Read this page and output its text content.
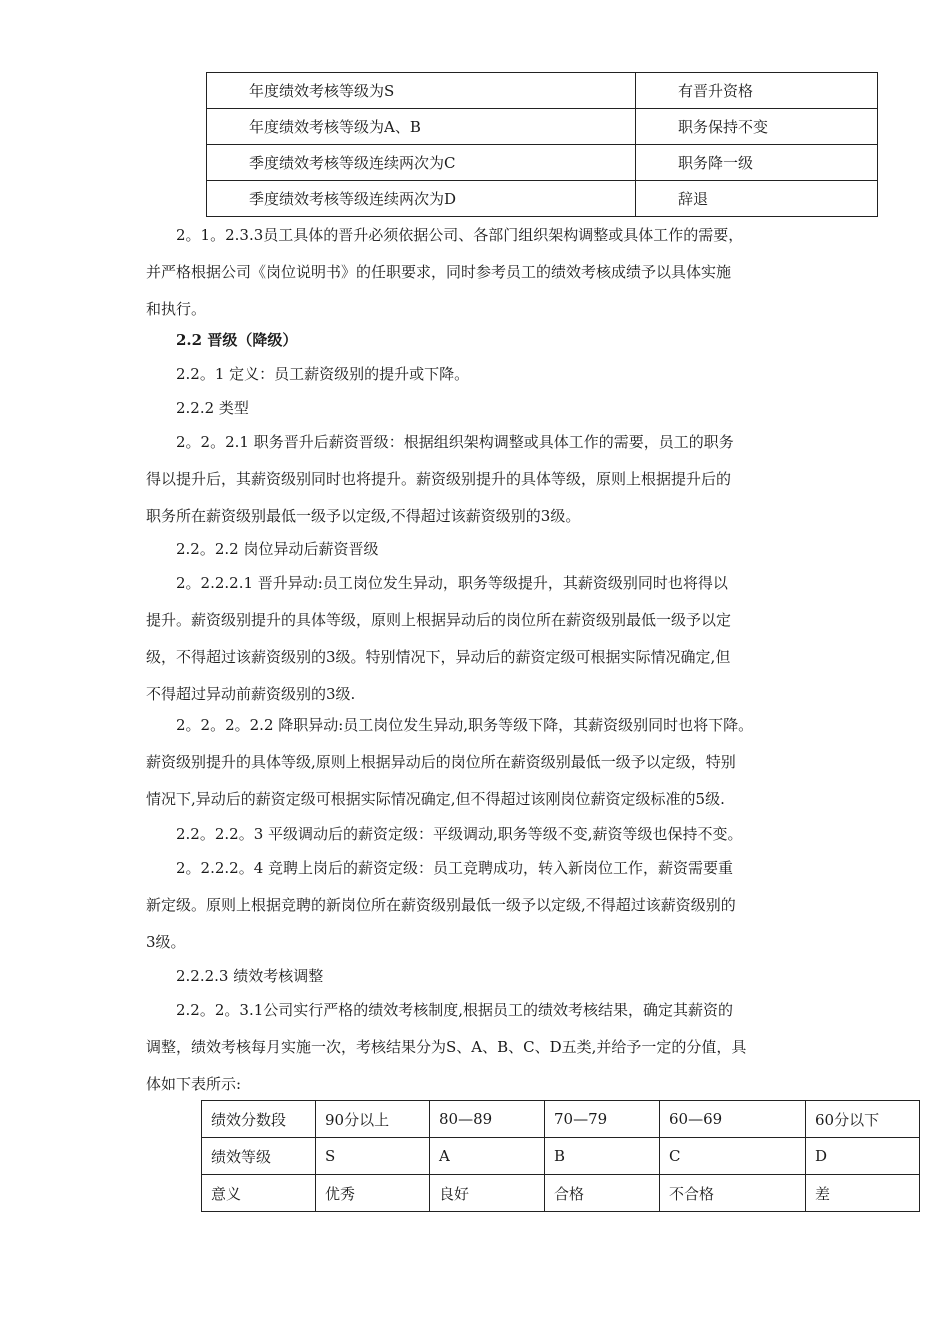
年度绩效考核等级为S	有晋升资格
年度绩效考核等级为A、B	职务保持不变
季度绩效考核等级连续两次为C	职务降一级
季度绩效考核等级连续两次为D	辞退
2。1。2.3.3员工具体的晋升必须依据公司、各部门组织架构调整或具体工作的需要，
并严格根据公司《岗位说明书》的任职要求，同时参考员工的绩效考核成绩予以具体实施
和执行。
2.2 晋级（降级）
2.2。1 定义：员工薪资级别的提升或下降。
2.2.2 类型
2。2。2.1 职务晋升后薪资晋级：根据组织架构调整或具体工作的需要，员工的职务
得以提升后，其薪资级别同时也将提升。薪资级别提升的具体等级，原则上根据提升后的
职务所在薪资级别最低一级予以定级,不得超过该薪资级别的3级。
2.2。2.2 岗位异动后薪资晋级
2。2.2.2.1 晋升异动:员工岗位发生异动，职务等级提升，其薪资级别同时也将得以
提升。薪资级别提升的具体等级，原则上根据异动后的岗位所在薪资级别最低一级予以定
级，不得超过该薪资级别的3级。特别情况下，异动后的薪资定级可根据实际情况确定,但
不得超过异动前薪资级别的3级.
2。2。2。2.2 降职异动:员工岗位发生异动,职务等级下降，其薪资级别同时也将下降。
薪资级别提升的具体等级,原则上根据异动后的岗位所在薪资级别最低一级予以定级，特别
情况下,异动后的薪资定级可根据实际情况确定,但不得超过该刚岗位薪资定级标准的5级.
2.2。2.2。3 平级调动后的薪资定级：平级调动,职务等级不变,薪资等级也保持不变。
2。2.2.2。4 竞聘上岗后的薪资定级：员工竞聘成功，转入新岗位工作，薪资需要重
新定级。原则上根据竞聘的新岗位所在薪资级别最低一级予以定级,不得超过该薪资级别的
3级。
2.2.2.3 绩效考核调整
2.2。2。3.1公司实行严格的绩效考核制度,根据员工的绩效考核结果，确定其薪资的
调整，绩效考核每月实施一次，考核结果分为S、A、B、C、D五类,并给予一定的分值，具
体如下表所示:
绩效分数段	90分以上	80—89	70—79	60—69	60分以下
绩效等级	S	A	B	C	D
意义	优秀	良好	合格	不合格	差
